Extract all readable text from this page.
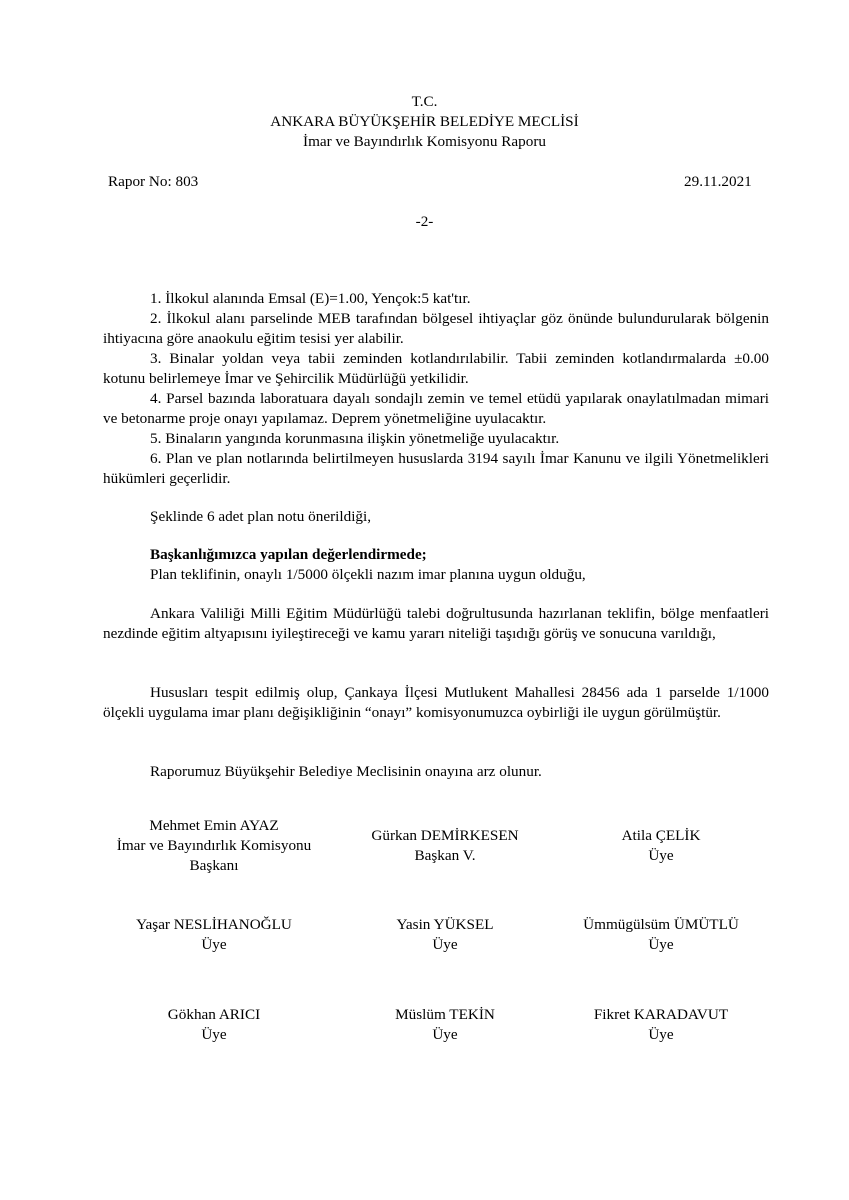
T.C.
ANKARA BÜYÜKŞEHİR BELEDİYE MECLİSİ
İmar ve Bayındırlık Komisyonu Raporu
Rapor No: 803	29.11.2021
-2-

1. İlkokul alanında Emsal (E)=1.00, Yençok:5 kat'tır.

2. İlkokul alanı parselinde MEB tarafından bölgesel ihtiyaçlar göz önünde bulundurularak bölgenin ihtiyacına göre anaokulu eğitim tesisi yer alabilir.

3. Binalar yoldan veya tabii zeminden kotlandırılabilir. Tabii zeminden kotlandırmalarda ±0.00 kotunu belirlemeye İmar ve Şehircilik Müdürlüğü yetkilidir.

4. Parsel bazında laboratuara dayalı sondajlı zemin ve temel etüdü yapılarak onaylatılmadan mimari ve betonarme proje onayı yapılamaz. Deprem yönetmeliğine uyulacaktır.

5. Binaların yangında korunmasına ilişkin yönetmeliğe uyulacaktır.

6. Plan ve plan notlarında belirtilmeyen hususlarda 3194 sayılı İmar Kanunu ve ilgili Yönetmelikleri hükümleri geçerlidir.

Şeklinde 6 adet plan notu önerildiği,
Başkanlığımızca yapılan değerlendirmede;
Plan teklifinin, onaylı 1/5000 ölçekli nazım imar planına uygun olduğu,
Ankara Valiliği Milli Eğitim Müdürlüğü talebi doğrultusunda hazırlanan teklifin, bölge menfaatleri nezdinde eğitim altyapısını iyileştireceği ve kamu yararı niteliği taşıdığı görüş ve sonucuna varıldığı,
Hususları tespit edilmiş olup, Çankaya İlçesi Mutlukent Mahallesi 28456 ada 1 parselde 1/1000 ölçekli uygulama imar planı değişikliğinin “onayı” komisyonumuzca oybirliği ile uygun görülmüştür.
Raporumuz Büyükşehir Belediye Meclisinin onayına arz olunur.
Mehmet Emin AYAZ
İmar ve Bayındırlık Komisyonu
Başkanı
Gürkan DEMİRKESEN
Başkan V.
Atila ÇELİK
Üye
Yaşar NESLİHANOĞLU
Üye
Yasin YÜKSEL
Üye
Ümmügülsüm ÜMÜTLÜ
Üye
Gökhan ARICI
Üye
Müslüm TEKİN
Üye
Fikret KARADAVUT
Üye
